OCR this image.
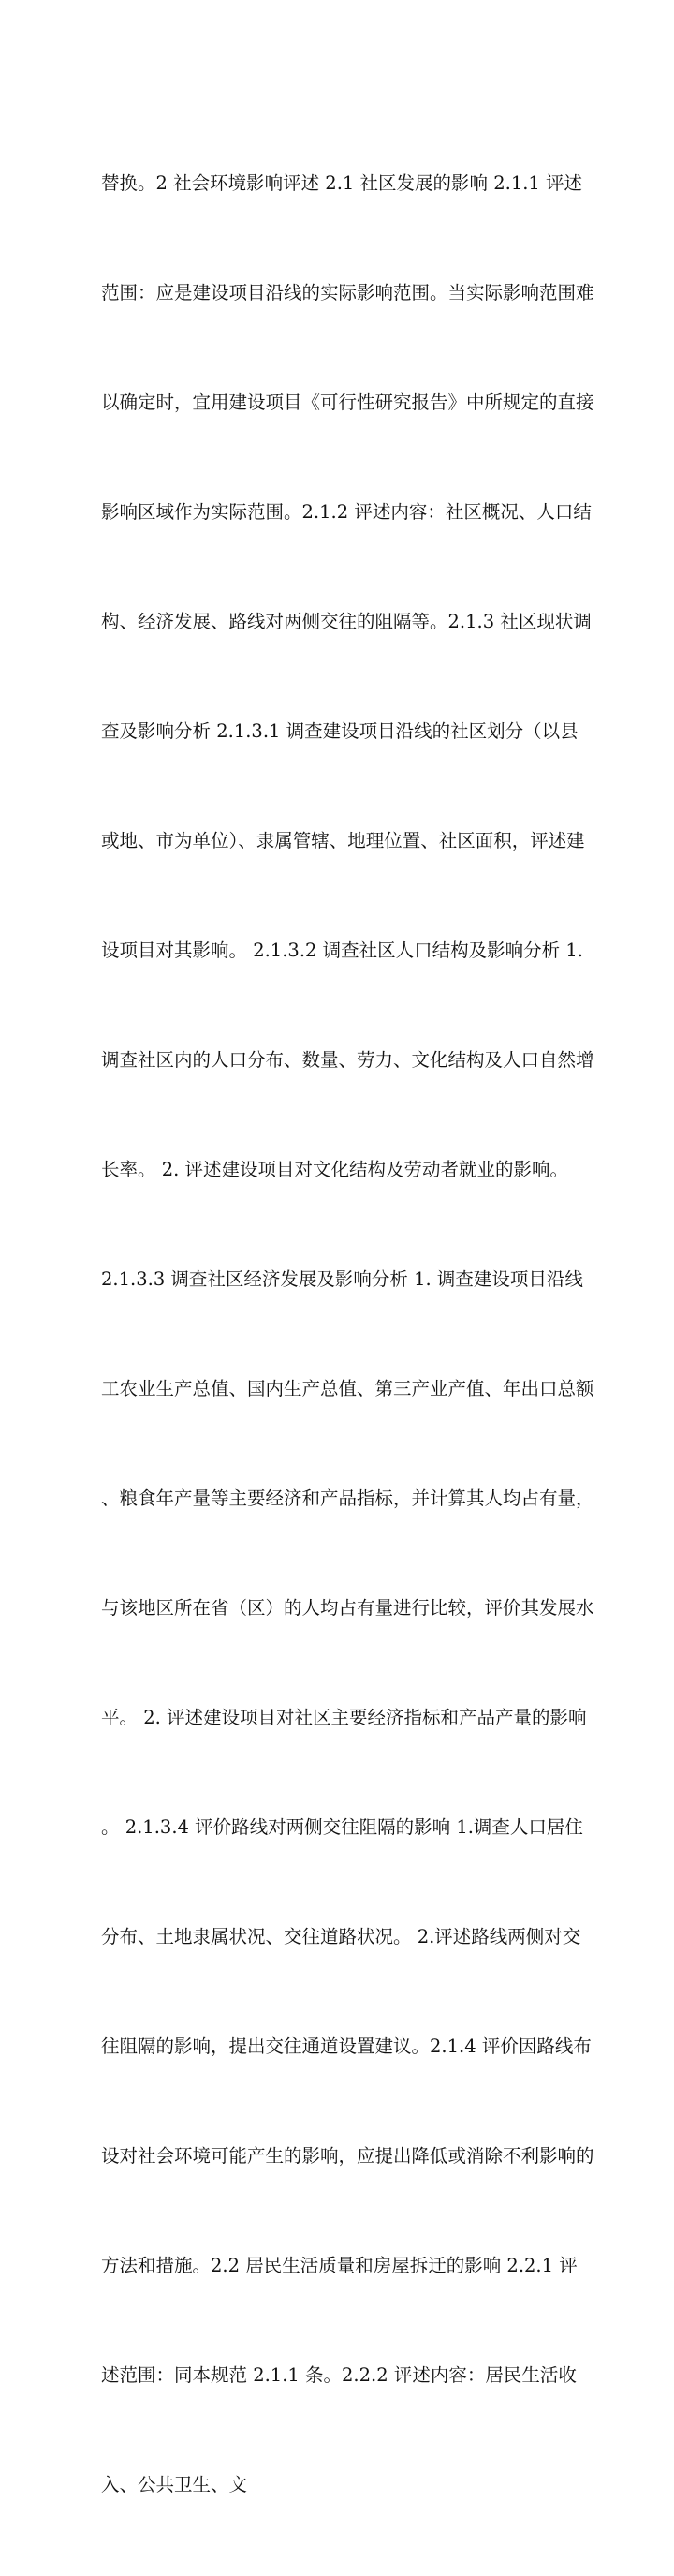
替换。2 社会环境影响评述 2.1 社区发展的影响 2.1.1 评述

范围：应是建设项目沿线的实际影响范围。当实际影响范围难

以确定时，宜用建设项目《可行性研究报告》中所规定的直接

影响区域作为实际范围。2.1.2 评述内容：社区概况、人口结

构、经济发展、路线对两侧交往的阻隔等。2.1.3 社区现状调

查及影响分析 2.1.3.1 调查建设项目沿线的社区划分（以县

或地、市为单位）、隶属管辖、地理位置、社区面积，评述建

设项目对其影响。 2.1.3.2 调查社区人口结构及影响分析 1.

调查社区内的人口分布、数量、劳力、文化结构及人口自然增

长率。 2. 评述建设项目对文化结构及劳动者就业的影响。

2.1.3.3 调查社区经济发展及影响分析 1. 调查建设项目沿线

工农业生产总值、国内生产总值、第三产业产值、年出口总额

、粮食年产量等主要经济和产品指标，并计算其人均占有量，

与该地区所在省（区）的人均占有量进行比较，评价其发展水

平。 2. 评述建设项目对社区主要经济指标和产品产量的影响

。 2.1.3.4 评价路线对两侧交往阻隔的影响 1.调查人口居住

分布、土地隶属状况、交往道路状况。 2.评述路线两侧对交

往阻隔的影响，提出交往通道设置建议。2.1.4 评价因路线布

设对社会环境可能产生的影响，应提出降低或消除不利影响的

方法和措施。2.2 居民生活质量和房屋拆迁的影响 2.2.1 评

述范围：同本规范 2.1.1 条。2.2.2 评述内容：居民生活收

入、公共卫生、文
